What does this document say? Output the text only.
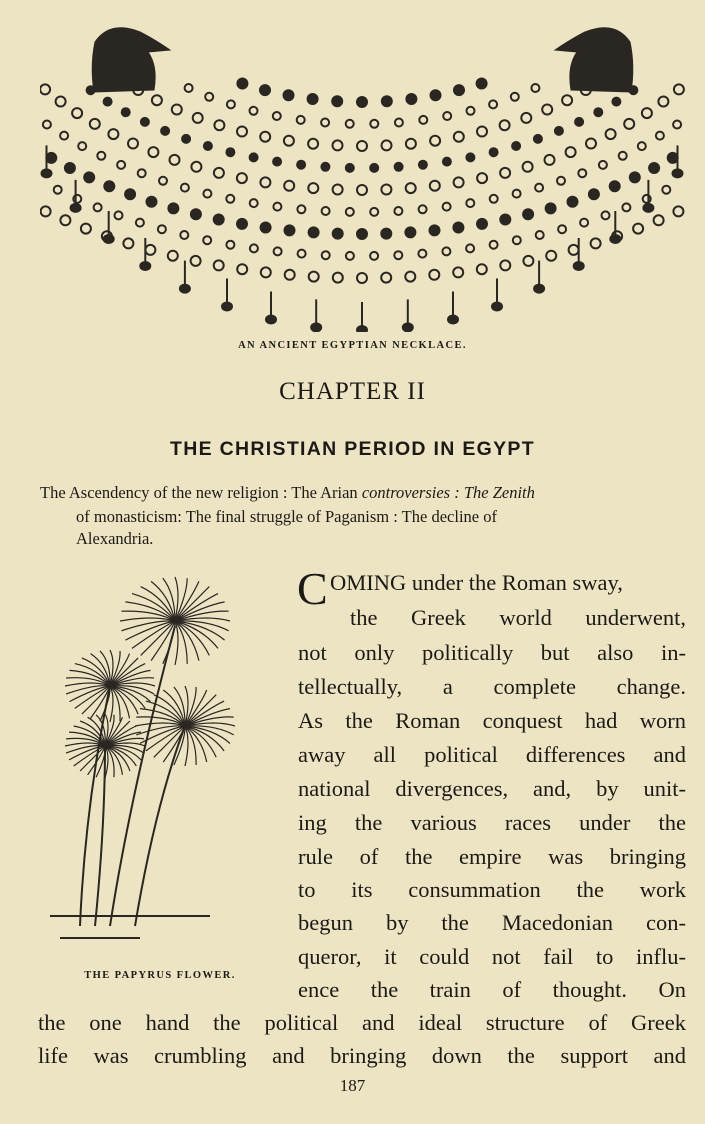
AN ANCIENT EGYPTIAN NECKLACE.
CHAPTER II
THE CHRISTIAN PERIOD IN EGYPT
The Ascendency of the new religion : The Arian controversies : The Zenith
of monasticism: The final struggle of Paganism : The decline of
Alexandria.
THE PAPYRUS FLOWER.
C OMING under the Roman sway,
the Greek world underwent,
not only politically but also in-
tellectually, a complete change.
As the Roman conquest had worn
away all political differences and
national divergences, and, by unit-
ing the various races under the
rule of the empire was bringing
to its consummation the work
begun by the Macedonian con-
queror, it could not fail to influ-
ence the train of thought. On
the one hand the political and ideal structure of Greek
life was crumbling and bringing down the support and
187
